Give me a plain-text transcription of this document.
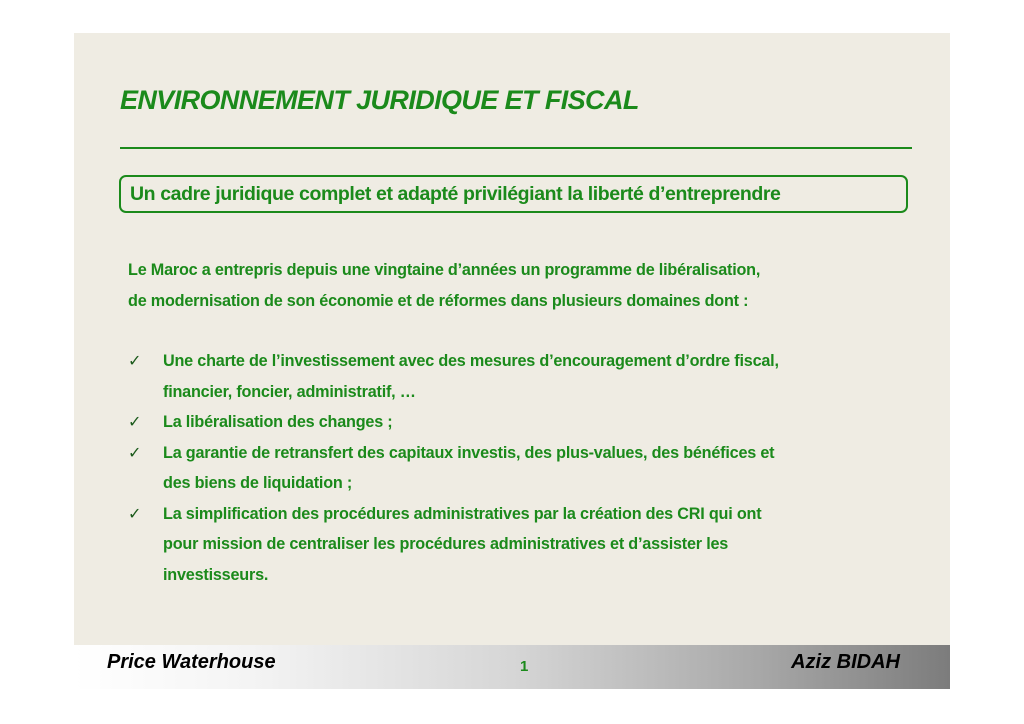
ENVIRONNEMENT JURIDIQUE ET FISCAL
Un cadre juridique complet et adapté privilégiant la liberté d’entreprendre

Le Maroc a entrepris depuis une vingtaine d’années un programme de libéralisation,
de modernisation de son économie et de réformes dans plusieurs domaines dont :

✓	Une charte de l’investissement avec des mesures d’encouragement d’ordre fiscal,
financier, foncier, administratif, …
✓	La libéralisation des changes ;
✓	La garantie de retransfert des capitaux investis, des plus-values, des bénéfices et
des biens de liquidation ;
✓	La simplification des procédures administratives par la création des CRI qui ont
pour mission de centraliser les procédures administratives et d’assister les
investisseurs.
Price Waterhouse	1	Aziz BIDAH
